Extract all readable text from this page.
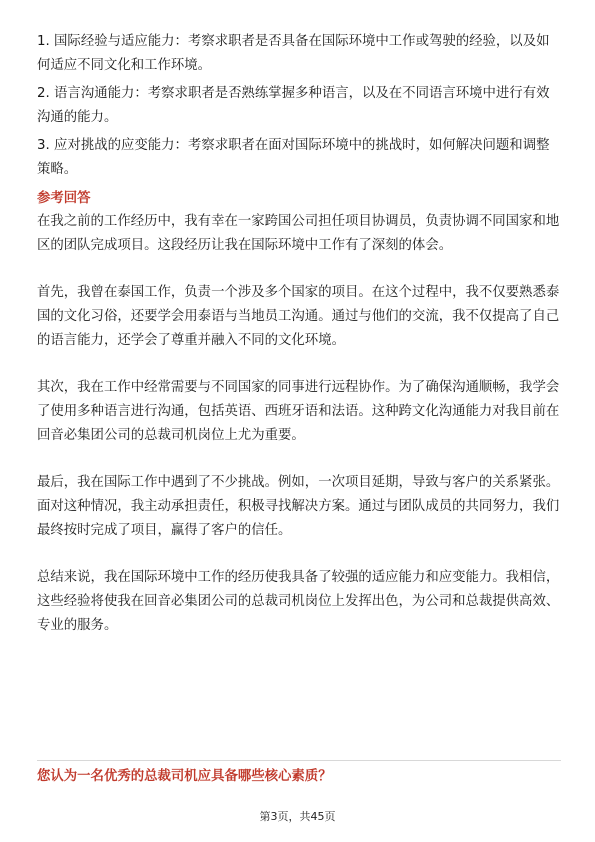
1. 国际经验与适应能力：考察求职者是否具备在国际环境中工作或驾驶的经验，以及如何适应不同文化和工作环境。

2. 语言沟通能力：考察求职者是否熟练掌握多种语言，以及在不同语言环境中进行有效沟通的能力。

3. 应对挑战的应变能力：考察求职者在面对国际环境中的挑战时，如何解决问题和调整策略。

参考回答

在我之前的工作经历中，我有幸在一家跨国公司担任项目协调员，负责协调不同国家和地区的团队完成项目。这段经历让我在国际环境中工作有了深刻的体会。

首先，我曾在泰国工作，负责一个涉及多个国家的项目。在这个过程中，我不仅要熟悉泰国的文化习俗，还要学会用泰语与当地员工沟通。通过与他们的交流，我不仅提高了自己的语言能力，还学会了尊重并融入不同的文化环境。

其次，我在工作中经常需要与不同国家的同事进行远程协作。为了确保沟通顺畅，我学会了使用多种语言进行沟通，包括英语、西班牙语和法语。这种跨文化沟通能力对我目前在回音必集团公司的总裁司机岗位上尤为重要。

最后，我在国际工作中遇到了不少挑战。例如，一次项目延期，导致与客户的关系紧张。面对这种情况，我主动承担责任，积极寻找解决方案。通过与团队成员的共同努力，我们最终按时完成了项目，赢得了客户的信任。

总结来说，我在国际环境中工作的经历使我具备了较强的适应能力和应变能力。我相信，这些经验将使我在回音必集团公司的总裁司机岗位上发挥出色，为公司和总裁提供高效、专业的服务。

您认为一名优秀的总裁司机应具备哪些核心素质？
第3页，共45页
